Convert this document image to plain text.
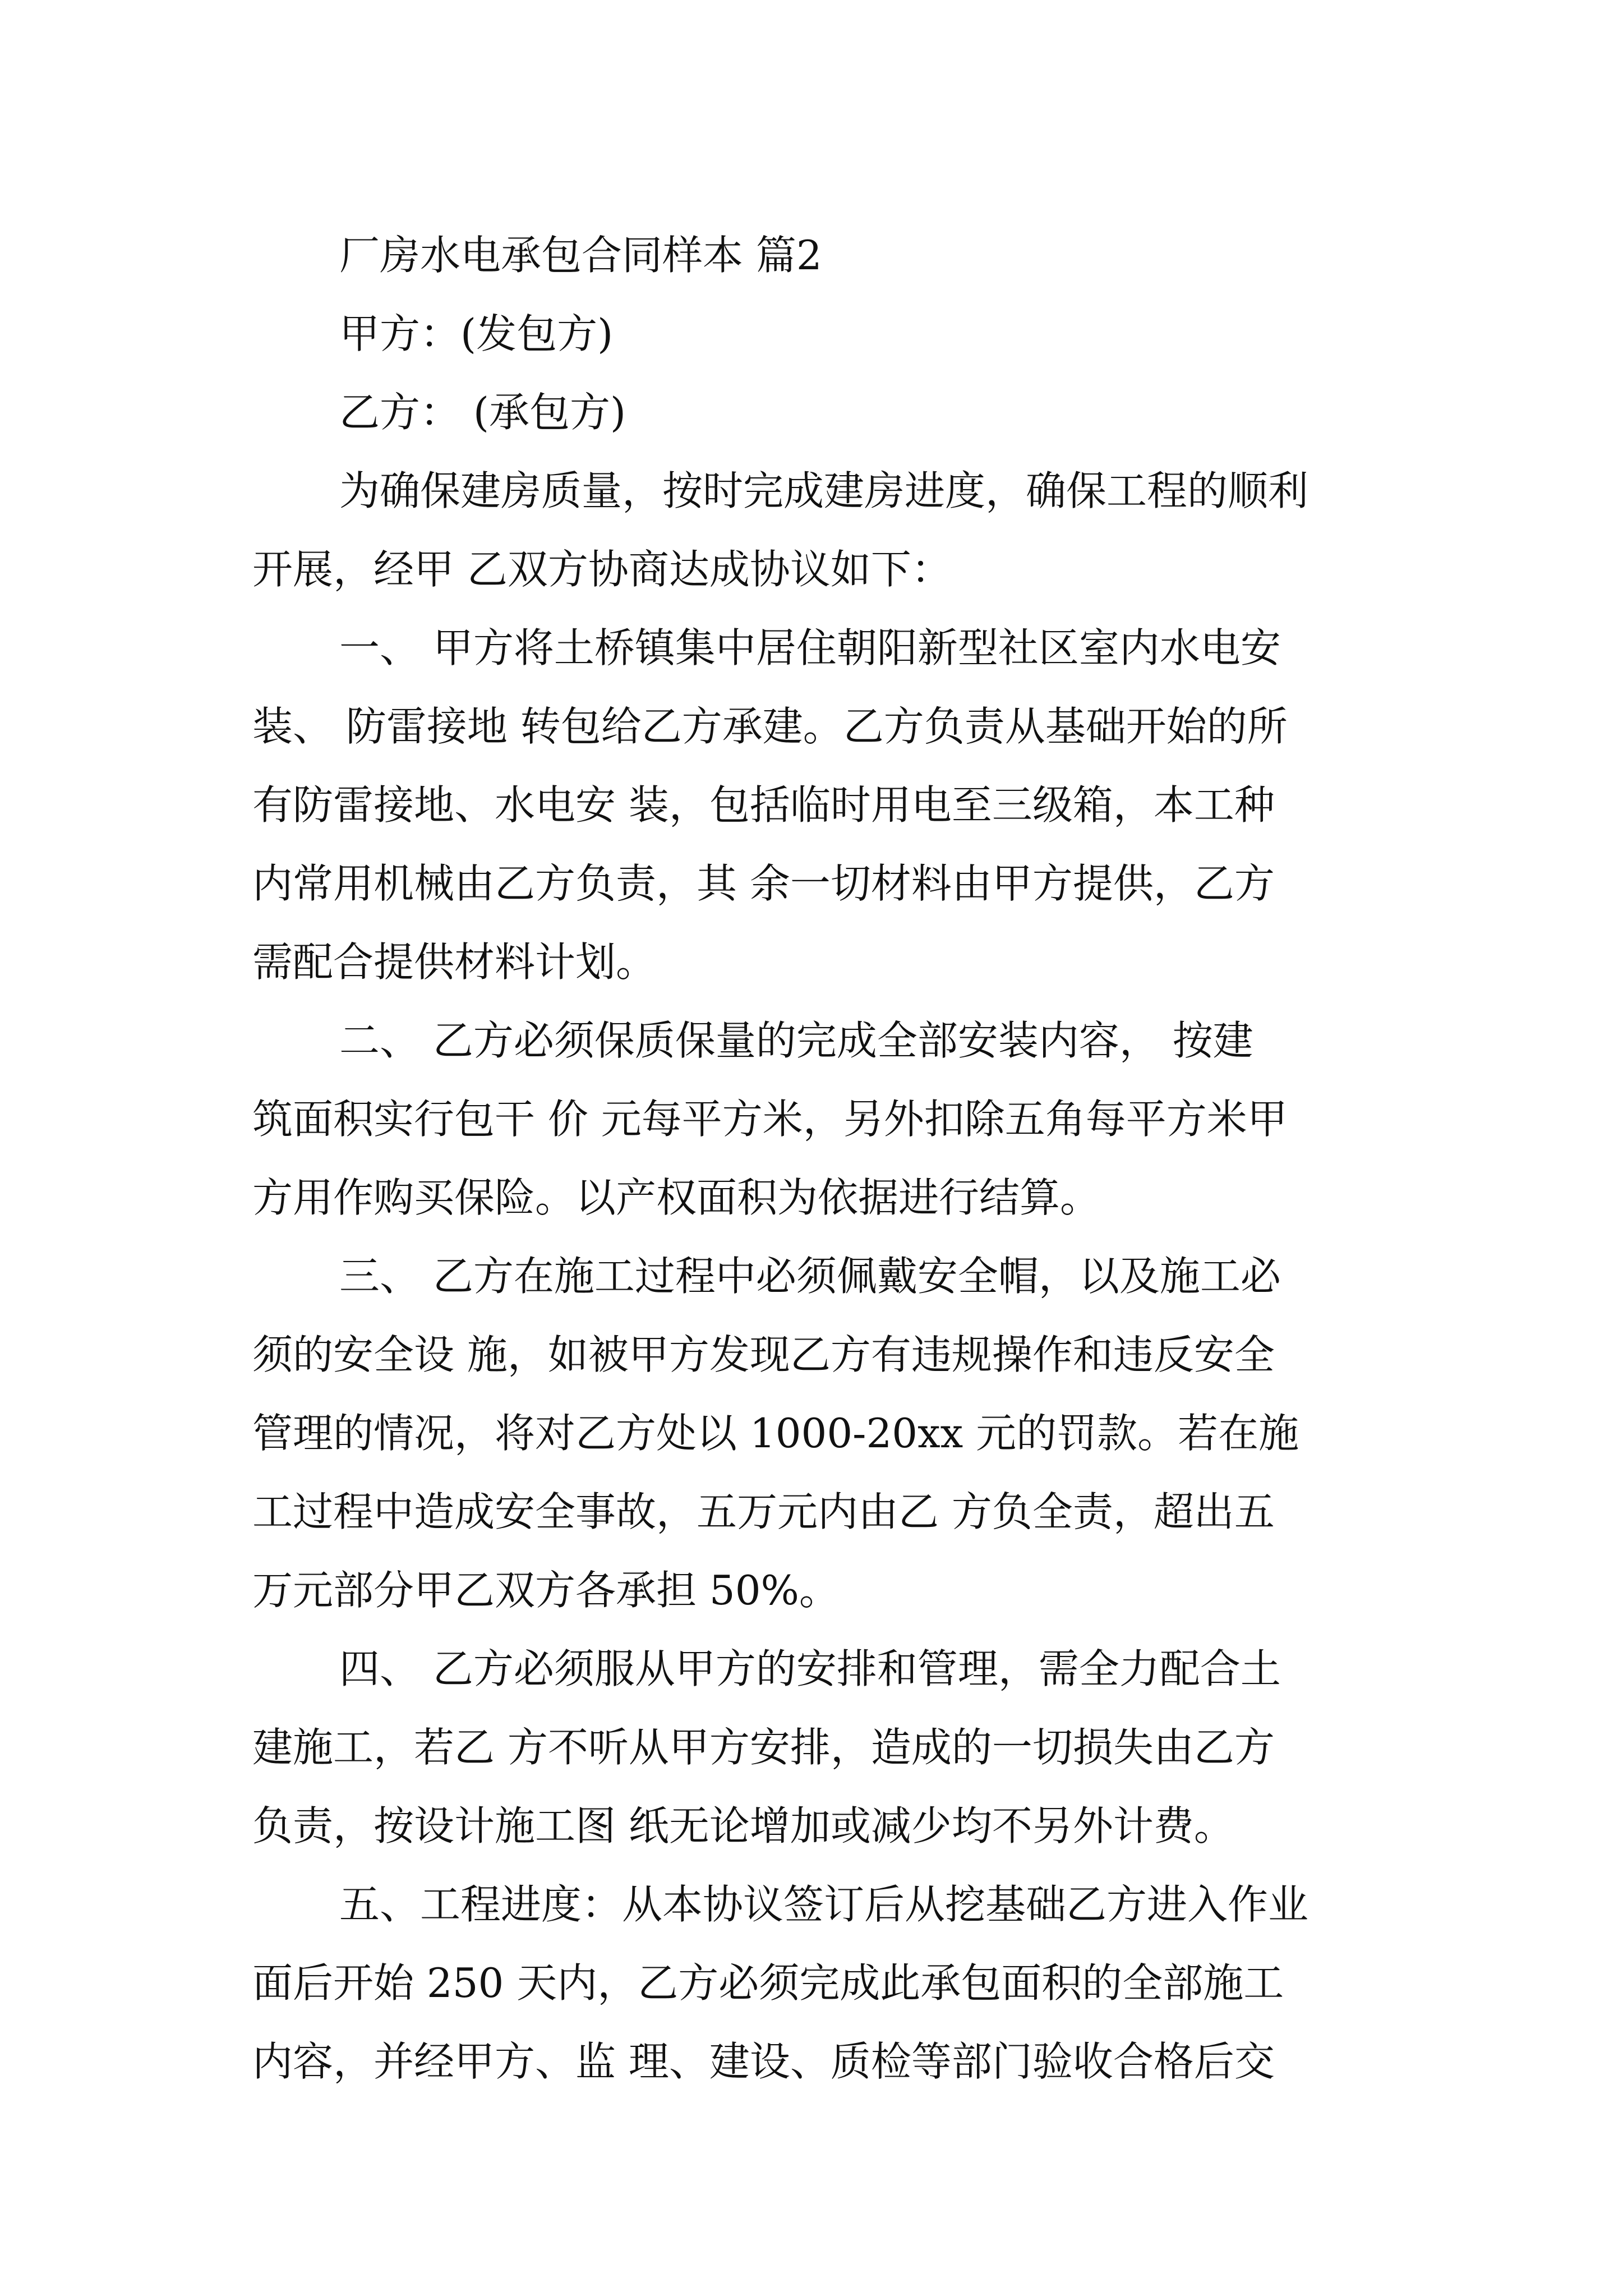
厂房水电承包合同样本 篇2

甲方：(发包方)

乙方： (承包方)

为确保建房质量，按时完成建房进度，确保工程的顺利

开展，经甲 乙双方协商达成协议如下：

一、 甲方将土桥镇集中居住朝阳新型社区室内水电安

装、 防雷接地 转包给乙方承建。乙方负责从基础开始的所

有防雷接地、水电安 装，包括临时用电至三级箱，本工种

内常用机械由乙方负责，其 余一切材料由甲方提供，乙方

需配合提供材料计划。

二、 乙方必须保质保量的完成全部安装内容， 按建

筑面积实行包干 价 元每平方米，另外扣除五角每平方米甲

方用作购买保险。以产权面积为依据进行结算。

三、 乙方在施工过程中必须佩戴安全帽，以及施工必

须的安全设 施，如被甲方发现乙方有违规操作和违反安全

管理的情况，将对乙方处以 1000-20xx 元的罚款。若在施

工过程中造成安全事故，五万元内由乙 方负全责，超出五

万元部分甲乙双方各承担 50%。

四、 乙方必须服从甲方的安排和管理，需全力配合土

建施工，若乙 方不听从甲方安排，造成的一切损失由乙方

负责，按设计施工图 纸无论增加或减少均不另外计费。

五、工程进度：从本协议签订后从挖基础乙方进入作业

面后开始 250 天内，乙方必须完成此承包面积的全部施工

内容，并经甲方、监 理、建设、质检等部门验收合格后交
